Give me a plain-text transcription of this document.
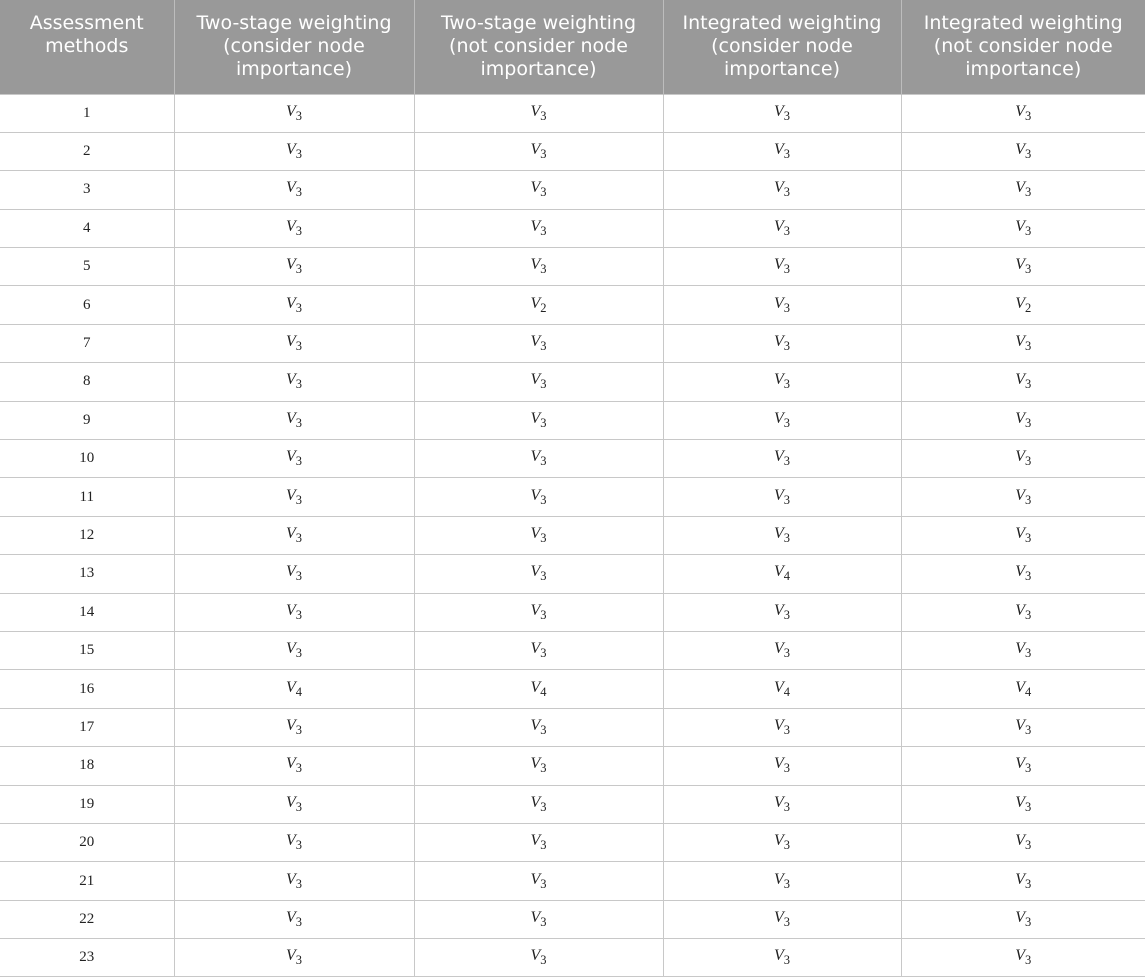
Assessment methods	Two-stage weighting (consider node importance)	Two-stage weighting (not consider node importance)	Integrated weighting (consider node importance)	Integrated weighting (not consider node importance)
1	$V_3$	$V_3$	$V_3$	$V_3$
2	$V_3$	$V_3$	$V_3$	$V_3$
3	$V_3$	$V_3$	$V_3$	$V_3$
4	$V_3$	$V_3$	$V_3$	$V_3$
5	$V_3$	$V_3$	$V_3$	$V_3$
6	$V_3$	$V_2$	$V_3$	$V_2$
7	$V_3$	$V_3$	$V_3$	$V_3$
8	$V_3$	$V_3$	$V_3$	$V_3$
9	$V_3$	$V_3$	$V_3$	$V_3$
10	$V_3$	$V_3$	$V_3$	$V_3$
11	$V_3$	$V_3$	$V_3$	$V_3$
12	$V_3$	$V_3$	$V_3$	$V_3$
13	$V_3$	$V_3$	$V_4$	$V_3$
14	$V_3$	$V_3$	$V_3$	$V_3$
15	$V_3$	$V_3$	$V_3$	$V_3$
16	$V_4$	$V_4$	$V_4$	$V_4$
17	$V_3$	$V_3$	$V_3$	$V_3$
18	$V_3$	$V_3$	$V_3$	$V_3$
19	$V_3$	$V_3$	$V_3$	$V_3$
20	$V_3$	$V_3$	$V_3$	$V_3$
21	$V_3$	$V_3$	$V_3$	$V_3$
22	$V_3$	$V_3$	$V_3$	$V_3$
23	$V_3$	$V_3$	$V_3$	$V_3$
